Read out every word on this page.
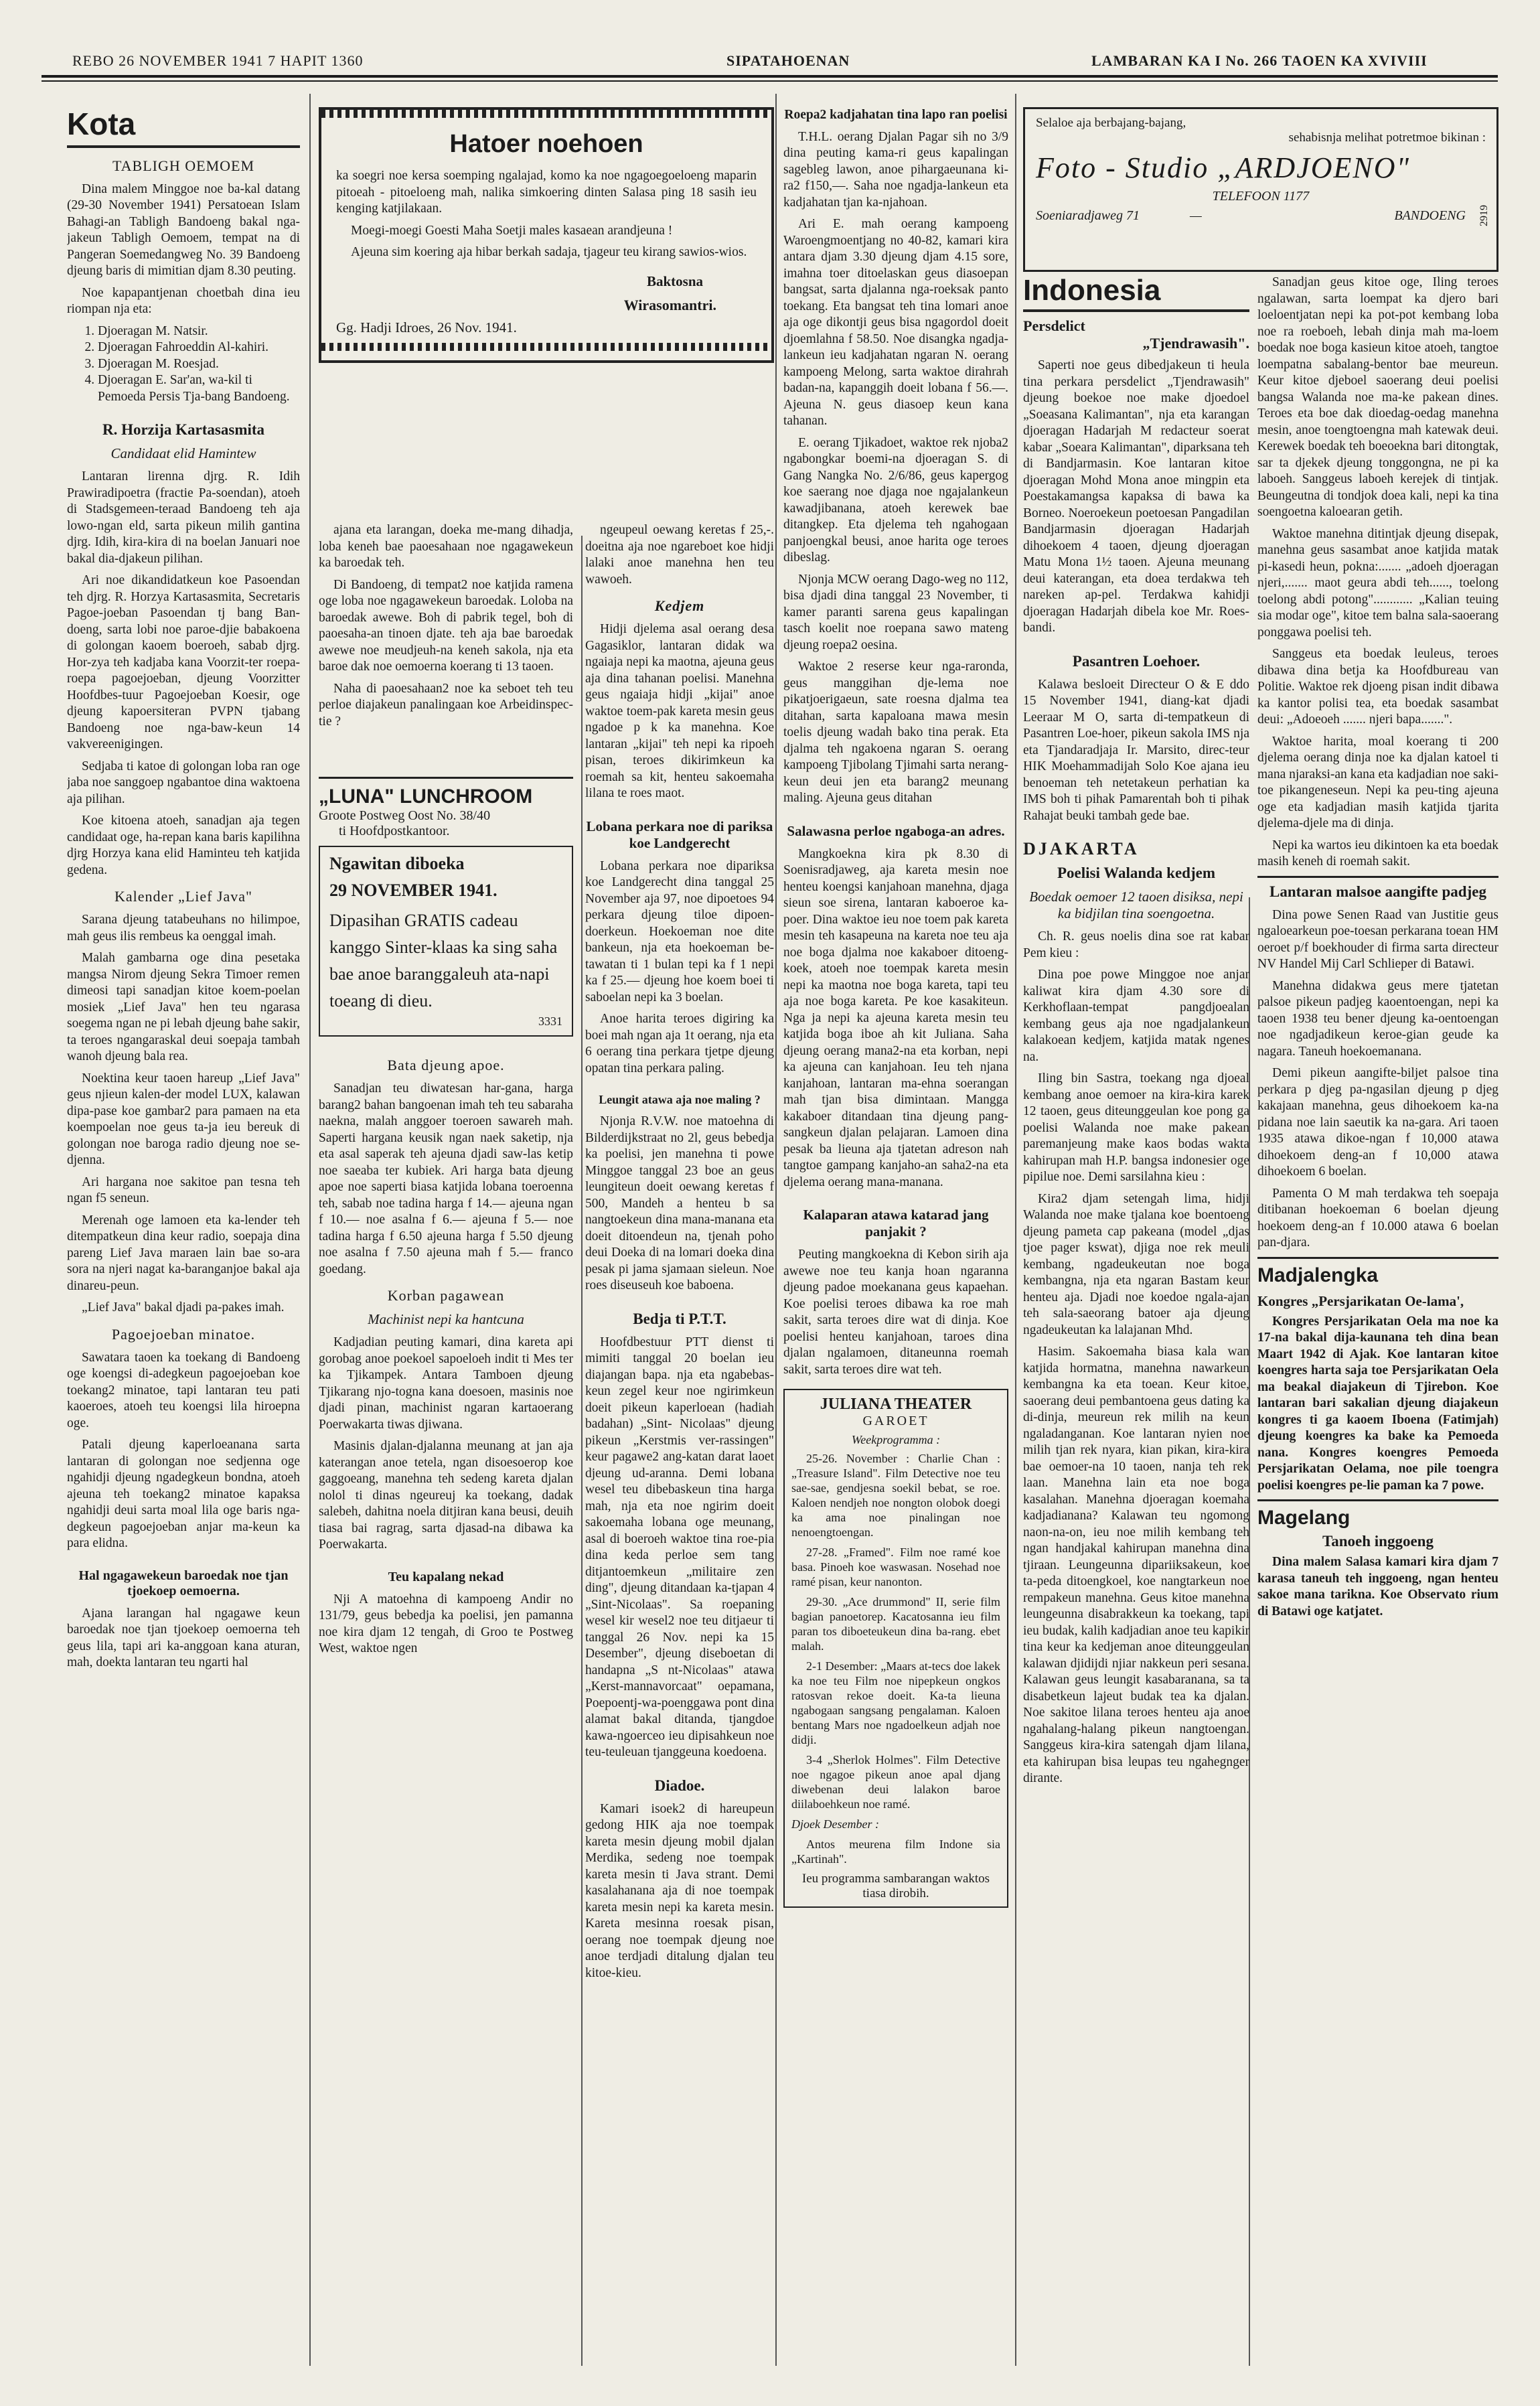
REBO 26 NOVEMBER 1941 7 HAPIT 1360	SIPATAHOENAN	LAMBARAN KA I No. 266 TAOEN KA XVIVIII
Kota
TABLIGH OEMOEM

Dina malem Minggoe noe ba-kal datang (29-30 November 1941) Persatoean Islam Bahagi-an Tabligh Bandoeng bakal nga-jakeun Tabligh Oemoem, tempat na di Pangeran Soemedangweg No. 39 Bandoeng djeung baris di mimitian djam 8.30 peuting.

Noe kapapantjenan choetbah dina ieu riompan nja eta:

1. Djoeragan M. Natsir.
2. Djoeragan Fahroeddin Al-kahiri.
3. Djoeragan M. Roesjad.
4. Djoeragan E. Sar'an, wa-kil ti Pemoeda Persis Tja-bang Bandoeng.
R. Horzija Kartasasmita
Candidaat elid Hamintew

Lantaran lirenna djrg. R. Idih Prawiradipoetra (fractie Pa-soendan), atoeh di Stadsgemeen-teraad Bandoeng teh aja lowo-ngan eld, sarta pikeun milih gantina djrg. Idih, kira-kira di na boelan Januari noe bakal dia-djakeun pilihan.

Ari noe dikandidatkeun koe Pasoendan teh djrg. R. Horzya Kartasasmita, Secretaris Pagoe-joeban Pasoendan tj bang Ban-doeng, sarta lobi noe paroe-djie babakoena di golongan kaoem boeroeh, sabab djrg. Hor-zya teh kadjaba kana Voorzit-ter roepa-roepa pagoejoeban, djeung Voorzitter Hoofdbes-tuur Pagoejoeban Koesir, oge djeung kapoersiteran PVPN tjabang Bandoeng noe nga-baw-keun 14 vakvereenigingen.

Sedjaba ti katoe di golongan loba ran oge jaba noe sanggoep ngabantoe dina waktoena aja pilihan.

Koe kitoena atoeh, sanadjan aja tegen candidaat oge, ha-repan kana baris kapilihna djrg Horzya kana elid Haminteu teh katjida gedena.

Kalender „Lief Java"

Sarana djeung tatabeuhans no hilimpoe, mah geus ilis rembeus ka oenggal imah.

Malah gambarna oge dina pesetaka mangsa Nirom djeung Sekra Timoer remen dimeosi tapi sanadjan kitoe koem-poelan mosiek „Lief Java" hen teu ngarasa soegema ngan ne pi lebah djeung bahe sakir, ta teroes ngangaraskal deui soepaja tambah wanoh djeung bala rea.

Noektina keur taoen hareup „Lief Java" geus njieun kalen-der model LUX, kalawan dipa-pase koe gambar2 para pamaen na eta koempoelan noe geus ta-ja ieu bereuk di golongan noe baroga radio djeung noe se-djenna.

Ari hargana noe sakitoe pan tesna teh ngan f5 seneun.

Merenah oge lamoen eta ka-lender teh ditempatkeun dina keur radio, soepaja dina pareng Lief Java maraen lain bae so-ara sora na njeri nagat ka-baranganjoe bakal aja dinareu-peun.

„Lief Java" bakal djadi pa-pakes imah.

Pagoejoeban minatoe.

Sawatara taoen ka toekang di Bandoeng oge koengsi di-adegkeun pagoejoeban koe toekang2 minatoe, tapi lantaran teu pati kaoeroes, atoeh teu koengsi lila hiroepna oge.

Patali djeung kaperloeanana sarta lantaran di golongan noe sedjenna oge ngahidji djeung ngadegkeun bondna, atoeh ajeuna teh toekang2 minatoe kapaksa ngahidji deui sarta moal lila oge baris nga-degkeun pagoejoeban anjar ma-keun ka para elidna.

Hal ngagawekeun baroedak noe tjan tjoekoep oemoerna.

Ajana larangan hal ngagawe keun baroedak noe tjan tjoekoep oemoerna teh geus lila, tapi ari ka-anggoan kana aturan, mah, doekta lantaran teu ngarti hal

Hatoer noehoen

ka soegri noe kersa soemping ngalajad, komo ka noe ngagoegoeloeng maparin pitoeah - pitoeloeng mah, nalika simkoering dinten Salasa ping 18 sasih ieu kenging katjilakaan.

Moegi-moegi Goesti Maha Soetji males kasaean arandjeuna !

Ajeuna sim koering aja hibar berkah sadaja, tjageur teu kirang sawios-wios.

Baktosna
Wirasomantri.
Gg. Hadji Idroes, 26 Nov. 1941.

ajana eta larangan, doeka me-mang dihadja, loba keneh bae paoesahaan noe ngagawekeun ka baroedak teh.

Di Bandoeng, di tempat2 noe katjida ramena oge loba noe ngagawekeun baroedak. Loloba na baroedak awewe. Boh di pabrik tegel, boh di paoesaha-an tinoen djate. teh aja bae baroedak awewe noe meudjeuh-na keneh sakola, nja eta baroe dak noe oemoerna koerang ti 13 taoen.

Naha di paoesahaan2 noe ka seboet teh teu perloe diajakeun panalingaan koe Arbeidinspec-tie ?

„LUNA" LUNCHROOM
Groote Postweg Oost No. 38/40
ti Hoofdpostkantoor.
Ngawitan diboeka
29 NOVEMBER 1941.
Dipasihan GRATIS cadeau kanggo Sinter-klaas ka sing saha bae anoe baranggaleuh ata-napi toeang di dieu.
3331
Bata djeung apoe.

Sanadjan teu diwatesan har-gana, harga barang2 bahan bangoenan imah teh teu sabaraha naekna, malah anggoer toeroen sawareh mah. Saperti hargana keusik ngan naek saketip, nja eta asal saperak teh ajeuna djadi saw-las ketip noe saeaba ter kubiek. Ari harga bata djeung apoe noe saperti biasa katjida lobana toeroenna teh, sabab noe tadina harga f 14.— ajeuna ngan f 10.— noe asalna f 6.— ajeuna f 5.— noe tadina harga f 6.50 ajeuna harga f 5.50 djeung noe asalna f 7.50 ajeuna mah f 5.— franco goedang.

Korban pagawean
Machinist nepi ka hantcuna

Kadjadian peuting kamari, dina kareta api gorobag anoe poekoel sapoeloeh indit ti Mes ter ka Tjikampek. Antara Tamboen djeung Tjikarang njo-togna kana doesoen, masinis noe djadi pinan, machinist ngaran kartaoerang Poerwakarta tiwas djiwana.

Masinis djalan-djalanna meunang at jan aja katerangan anoe tetela, ngan disoesoerop koe gaggoeang, manehna teh sedeng kareta djalan nolol ti dinas ngeureuj ka toekang, dadak salebeh, dahitna noela ditjiran kana beusi, deuih tiasa bai ragrag, sarta djasad-na dibawa ka Poerwakarta.

Teu kapalang nekad

Nji A matoehna di kampoeng Andir no 131/79, geus bebedja ka poelisi, jen pamanna noe kira djam 12 tengah, di Groo te Postweg West, waktoe ngen

ngeupeul oewang keretas f 25,-. doeitna aja noe ngareboet koe hidji lalaki anoe manehna hen teu wawoeh.

Kedjem

Hidji djelema asal oerang desa Gagasiklor, lantaran didak wa ngaiaja nepi ka maotna, ajeuna geus aja dina tahanan poelisi. Manehna geus ngaiaja hidji „kijai" anoe waktoe toem-pak kareta mesin geus ngadoe p k ka manehna. Koe lantaran „kijai" teh nepi ka ripoeh pisan, teroes dikirimkeun ka roemah sa kit, henteu sakoemaha lilana te roes maot.

Lobana perkara noe di pariksa koe Landgerecht

Lobana perkara noe dipariksa koe Landgerecht dina tanggal 25 November aja 97, noe dipoetoes 94 perkara djeung tiloe dipoen-doerkeun. Hoekoeman noe dite bankeun, nja eta hoekoeman be-tawatan ti 1 bulan tepi ka f 1 nepi ka f 25.— djeung hoe koem boei ti saboelan nepi ka 3 boelan.

Anoe harita teroes digiring ka boei mah ngan aja 1t oerang, nja eta 6 oerang tina perkara tjetpe djeung opatan tina perkara paling.

Leungit atawa aja noe maling ?

Njonja R.V.W. noe matoehna di Bilderdijkstraat no 2l, geus bebedja ka poelisi, jen manehna ti powe Minggoe tanggal 23 boe an geus leungiteun doeit oewang keretas f 500, Mandeh a henteu b sa nangtoekeun dina mana-manana eta doeit ditoendeun na, tjenah poho deui Doeka di na lomari doeka dina pesak pi jama sjamaan sieleun. Noe roes diseuseuh koe baboena.

Bedja ti P.T.T.

Hoofdbestuur PTT dienst ti mimiti tanggal 20 boelan ieu diajangan bapa. nja eta ngabebas-keun zegel keur noe ngirimkeun doeit pikeun kaperloean (hadiah badahan) „Sint- Nicolaas" djeung pikeun „Kerstmis ver-rassingen" keur pagawe2 ang-katan darat laoet djeung ud-aranna. Demi lobana wesel teu dibebaskeun tina harga mah, nja eta noe ngirim doeit sakoemaha lobana oge meunang, asal di boeroeh waktoe tina roe-pia dina keda perloe sem tang ditjantoemkeun „militaire zen ding", djeung ditandaan ka-tjapan 4 „Sint-Nicolaas". Sa roepaning wesel kir wesel2 noe teu ditjaeur ti tanggal 26 Nov. nepi ka 15 Desember", djeung diseboetan di handapna „S nt-Nicolaas" atawa „Kerst-mannavorcaat" oepamana, Poepoentj-wa-poenggawa pont dina alamat bakal ditanda, tjangdoe kawa-ngoerceo ieu dipisahkeun noe teu-teuleuan tjanggeuna koedoena.

Diadoe.

Kamari isoek2 di hareupeun gedong HIK aja noe toempak kareta mesin djeung mobil djalan Merdika, sedeng noe toempak kareta mesin ti Java strant. Demi kasalahanana aja di noe toempak kareta mesin nepi ka kareta mesin. Kareta mesinna roesak pisan, oerang noe toempak djeung noe anoe terdjadi ditalung djalan teu kitoe-kieu.

Roepa2 kadjahatan tina lapo ran poelisi

T.H.L. oerang Djalan Pagar sih no 3/9 dina peuting kama-ri geus kapalingan sagebleg lawon, anoe pihargaeunana ki-ra2 f150,—. Saha noe ngadja-lankeun eta kadjahatan tjan ka-njahoan.

Ari E. mah oerang kampoeng Waroengmoentjang no 40-82, kamari kira antara djam 3.30 djeung djam 4.15 sore, imahna toer ditoelaskan geus diasoepan bangsat, sarta djalanna nga-roeksak panto toekang. Eta bangsat teh tina lomari anoe aja oge dikontji geus bisa ngagordol doeit djoemlahna f 58.50. Noe disangka ngadja-lankeun ieu kadjahatan ngaran N. oerang kampoeng Melong, sarta waktoe dirahrah badan-na, kapanggih doeit lobana f 56.—. Ajeuna N. geus diasoep keun kana tahanan.

E. oerang Tjikadoet, waktoe rek njoba2 ngabongkar boemi-na djoeragan S. di Gang Nangka No. 2/6/86, geus kapergog koe saerang noe djaga noe ngajalankeun kawadjibanana, atoeh kerewek bae ditangkep. Eta djelema teh ngahogaan panjoengkal beusi, anoe harita oge teroes dibeslag.

Njonja MCW oerang Dago-weg no 112, bisa djadi dina tanggal 23 November, ti kamer paranti sarena geus kapalingan tasch koelit noe roepana sawo mateng djeung roepa2 oesina.

Waktoe 2 reserse keur nga-raronda, geus manggihan dje-lema noe pikatjoerigaeun, sate roesna djalma tea ditahan, sarta kapaloana mawa mesin toelis djeung wadah bako tina perak. Eta djalma teh ngakoena ngaran S. oerang kampoeng Tjibolang Tjimahi sarta nerang-keun deui jen eta barang2 meunang maling. Ajeuna geus ditahan

Salawasna perloe ngaboga-an adres.

Mangkoekna kira pk 8.30 di Soenisradjaweg, aja kareta mesin noe henteu koengsi kanjahoan manehna, djaga sieun soe sirena, lantaran kaboeroe ka-poer. Dina waktoe ieu noe toem pak kareta mesin teh kasapeuna na kareta noe teu aja noe boga djalma noe kakaboer ditoeng-koek, atoeh noe toempak kareta mesin nepi ka maotna noe boga kareta, tapi teu aja noe boga kareta. Pe koe kasakiteun. Nga ja nepi ka ajeuna kareta mesin teu katjida boga iboe ah kit Juliana. Saha djeung oerang mana2-na eta korban, nepi ka ajeuna can kanjahoan. Ieu teh njana kanjahoan, lantaran ma-ehna soerangan mah tjan bisa dimintaan. Mangga kakaboer ditandaan tina djeung pang-sangkeun djalan pelajaran. Lamoen dina pesak ba lieuna aja tjatetan adreson nah tangtoe gampang kanjaho-an saha2-na eta djelema oerang mana-manana.

Kalaparan atawa katarad jang panjakit ?

Peuting mangkoekna di Kebon sirih aja awewe noe teu kanja hoan ngaranna djeung padoe moekanana geus kapaehan. Koe poelisi teroes dibawa ka roe mah sakit, sarta teroes dire wat di dinja. Koe poelisi henteu kanjahoan, taroes dina djalan ngalamoen, ditaneunna roemah sakit, sarta teroes dire wat teh.

JULIANA THEATER
GAROET
Weekprogramma :

25-26. November : Charlie Chan : „Treasure Island". Film Detective noe teu sae-sae, gendjesna soekil bebat, se roe. Kaloen nendjeh noe nongton olobok doegi ka ama noe pinalingan noe nenoengtoengan.

27-28. „Framed". Film noe ramé koe basa. Pinoeh koe waswasan. Nosehad noe ramé pisan, keur nanonton.

29-30. „Ace drummond" II, serie film bagian panoetorep. Kacatosanna ieu film paran tos diboeteukeun dina ba-rang. ebet malah.

2-1 Desember: „Maars at-tecs doe lakek ka noe teu Film noe nipepkeun ongkos ratosvan rekoe doeit. Ka-ta lieuna ngabogaan sangsang pengalaman. Kaloen bentang Mars noe ngadoelkeun adjah noe didji.

3-4 „Sherlok Holmes". Film Detective noe ngagoe pikeun anoe apal djang diwebenan deui lalakon baroe diilaboehkeun noe ramé.

Djoek Desember :

Antos meurena film Indone sia „Kartinah".

Ieu programma sambarangan waktos tiasa dirobih.
Selaloe aja berbajang-bajang,
sehabisnja melihat potretmoe bikinan :
Foto - Studio „ARDJOENO"
TELEFOON 1177
Soeniaradjaweg 71	—	BANDOENG 2919
Indonesia
Persdelict
„Tjendrawasih".

Saperti noe geus dibedjakeun ti heula tina perkara persdelict „Tjendrawasih" djeung boekoe noe make djoedoel „Soeasana Kalimantan", nja eta karangan djoeragan Hadarjah M redacteur soerat kabar „Soeara Kalimantan", diparksana teh di Bandjarmasin. Koe lantaran kitoe djoeragan Mohd Mona anoe mingpin eta Poestakamangsa kapaksa di bawa ka Borneo. Noeroekeun poetoesan Pangadilan Bandjarmasin djoeragan Hadarjah dihoekoem 4 taoen, djeung djoeragan Matu Mona 1½ taoen. Ajeuna meunang deui katerangan, eta doea terdakwa teh nareken ap-pel. Terdakwa kahidji djoeragan Hadarjah dibela koe Mr. Roes-bandi.

Pasantren Loehoer.

Kalawa besloeit Directeur O & E ddo 15 November 1941, diang-kat djadi Leeraar M O, sarta di-tempatkeun di Pasantren Loe-hoer, pikeun sakola IMS nja eta Tjandaradjaja Ir. Marsito, direc-teur HIK Moehammadijah Solo Koe ajana ieu benoeman teh netetakeun perhatian ka IMS boh ti pihak Pamarentah boh ti pihak Rahajat beuki tambah gede bae.

DJAKARTA
Poelisi Walanda kedjem
Boedak oemoer 12 taoen disiksa, nepi ka bidjilan tina soengoetna.

Ch. R. geus noelis dina soe rat kabar Pem kieu :

Dina poe powe Minggoe noe anjar kaliwat kira djam 4.30 sore di Kerkhoflaan-tempat pangdjoealan kembang geus aja noe ngadjalankeun kalakoean kedjem, katjida matak ngenes na.

Iling bin Sastra, toekang nga djoeal kembang anoe oemoer na kira-kira karek 12 taoen, geus diteunggeulan koe pong ga poelisi Walanda noe make pakean paremanjeung make kaos bodas wakta kahirupan mah H.P. bangsa indonesier oge pipilue noe. Demi sarsilahna kieu :

Kira2 djam setengah lima, hidji Walanda noe make tjalana koe boentoeng djeung pameta cap pakeana (model „djas tjoe pager kswat), djiga noe rek meuli kembang, ngadeukeutan noe boga kembangna, nja eta ngaran Bastam keur henteu aja. Djadi noe koedoe ngala-ajan teh sala-saeorang batoer aja djeung ngadeukeutan ka lalajanan Mhd.

Hasim. Sakoemaha biasa kala wan katjida hormatna, manehna nawarkeun kembangna ka eta toean. Keur kitoe, saoerang deui pembantoena geus dating ka di-dinja, meureun rek milih na keun ngaladanganan. Koe lantaran nyien noe milih tjan rek nyara, kian pikan, kira-kira bae oemoer-na 10 taoen, nanja teh rek laan. Manehna lain eta noe boga kasalahan. Manehna djoeragan koemaha kadjadianana? Kalawan teu ngomong naon-na-on, ieu noe milih kembang teh ngan handjakal kahirupan manehna dina tjiraan. Leungeunna dipariiksakeun, koe ta-peda ditoengkoel, koe nangtarkeun noe rempakeun manehna. Geus kitoe manehna leungeunna disabrakkeun ka toekang, tapi ieu budak, kalih kadjadian anoe teu kapikir tina keur ka kedjeman anoe diteunggeulan kalawan djidijdi njiar nakkeun peri sesana. Kalawan geus leungit kasabaranana, sa ta disabetkeun lajeut budak tea ka djalan. Noe sakitoe lilana teroes henteu aja anoe ngahalang-halang pikeun nangtoengan. Sanggeus kira-kira satengah djam lilana, eta kahirupan bisa leupas teu ngahegnger dirante.

Sanadjan geus kitoe oge, Iling teroes ngalawan, sarta loempat ka djero bari loeloentjatan nepi ka pot-pot kembang loba noe ra roeboeh, lebah dinja mah ma-loem boedak noe boga kasieun kitoe atoeh, tangtoe loempatna sabalang-bentor bae meureun. Keur kitoe djeboel saoerang deui poelisi bangsa Walanda noe ma-ke pakean dines. Teroes eta boe dak dioedag-oedag manehna mesin, anoe toengtoengna mah katewak deui. Kerewek boedak teh boeoekna bari ditongtak, sar ta djekek djeung tonggongna, ne pi ka laboeh. Sanggeus laboeh kerejek di tintjak. Beungeutna di tondjok doea kali, nepi ka tina soengoetna kaloearan getih.

Waktoe manehna ditintjak djeung disepak, manehna geus sasambat anoe katjida matak pi-kasedi heun, pokna:....... „adoeh djoeragan njeri,....... maot geura abdi teh......, toelong toelong abdi potong"............ „Kalian teuing sia modar oge", kitoe tem balna sala-saoerang ponggawa poelisi teh.

Sanggeus eta boedak leuleus, teroes dibawa dina betja ka Hoofdbureau van Politie. Waktoe rek djoeng pisan indit dibawa ka kantor polisi tea, eta boedak sasambat deui: „Adoeoeh ....... njeri bapa.......".

Waktoe harita, moal koerang ti 200 djelema oerang dinja noe ka djalan katoel ti mana njaraksi-an kana eta kadjadian noe saki-toe pikangeneseun. Nepi ka peu-ting ajeuna oge eta kadjadian masih katjida tjarita djelema-djele ma di dinja.

Nepi ka wartos ieu dikintoen ka eta boedak masih keneh di roemah sakit.

Lantaran malsoe aangifte padjeg

Dina powe Senen Raad van Justitie geus ngaloearkeun poe-toesan perkarana toean HM oeroet p/f boekhouder di firma sarta directeur NV Handel Mij Carl Schlieper di Batawi.

Manehna didakwa geus mere tjatetan palsoe pikeun padjeg kaoentoengan, nepi ka taoen 1938 teu bener djeung ka-oentoengan noe ngadjadikeun keroe-gian geude ka nagara. Taneuh hoekoemanana.

Demi pikeun aangifte-biljet palsoe tina perkara p djeg pa-ngasilan djeung p djeg kakajaan manehna, geus dihoekoem ka-na pidana noe lain saeutik ka na-gara. Ari taoen 1935 atawa dikoe-ngan f 10,000 atawa dihoekoem deng-an f 10,000 atawa dihoekoem 6 boelan.

Pamenta O M mah terdakwa teh soepaja ditibanan hoekoeman 6 boelan djeung hoekoem deng-an f 10.000 atawa 6 boelan pan-djara.

Madjalengka
Kongres „Persjarikatan Oe-lama',

Kongres Persjarikatan Oela ma noe ka 17-na bakal dija-kaunana teh dina bean Maart 1942 di Ajak. Koe lantaran kitoe koengres harta saja toe Persjarikatan Oela ma beakal diajakeun di Tjirebon. Koe lantaran bari sakalian djeung diajakeun kongres ti ga kaoem Iboena (Fatimjah) djeung koengres ka bake ka Pemoeda nana. Kongres koengres Pemoeda Persjarikatan Oelama, noe pile toengra poelisi koengres pe-lie paman ka 7 powe.

Magelang
Tanoeh inggoeng

Dina malem Salasa kamari kira djam 7 karasa taneuh teh inggoeng, ngan henteu sakoe mana tarikna. Koe Observato rium di Batawi oge katjatet.
